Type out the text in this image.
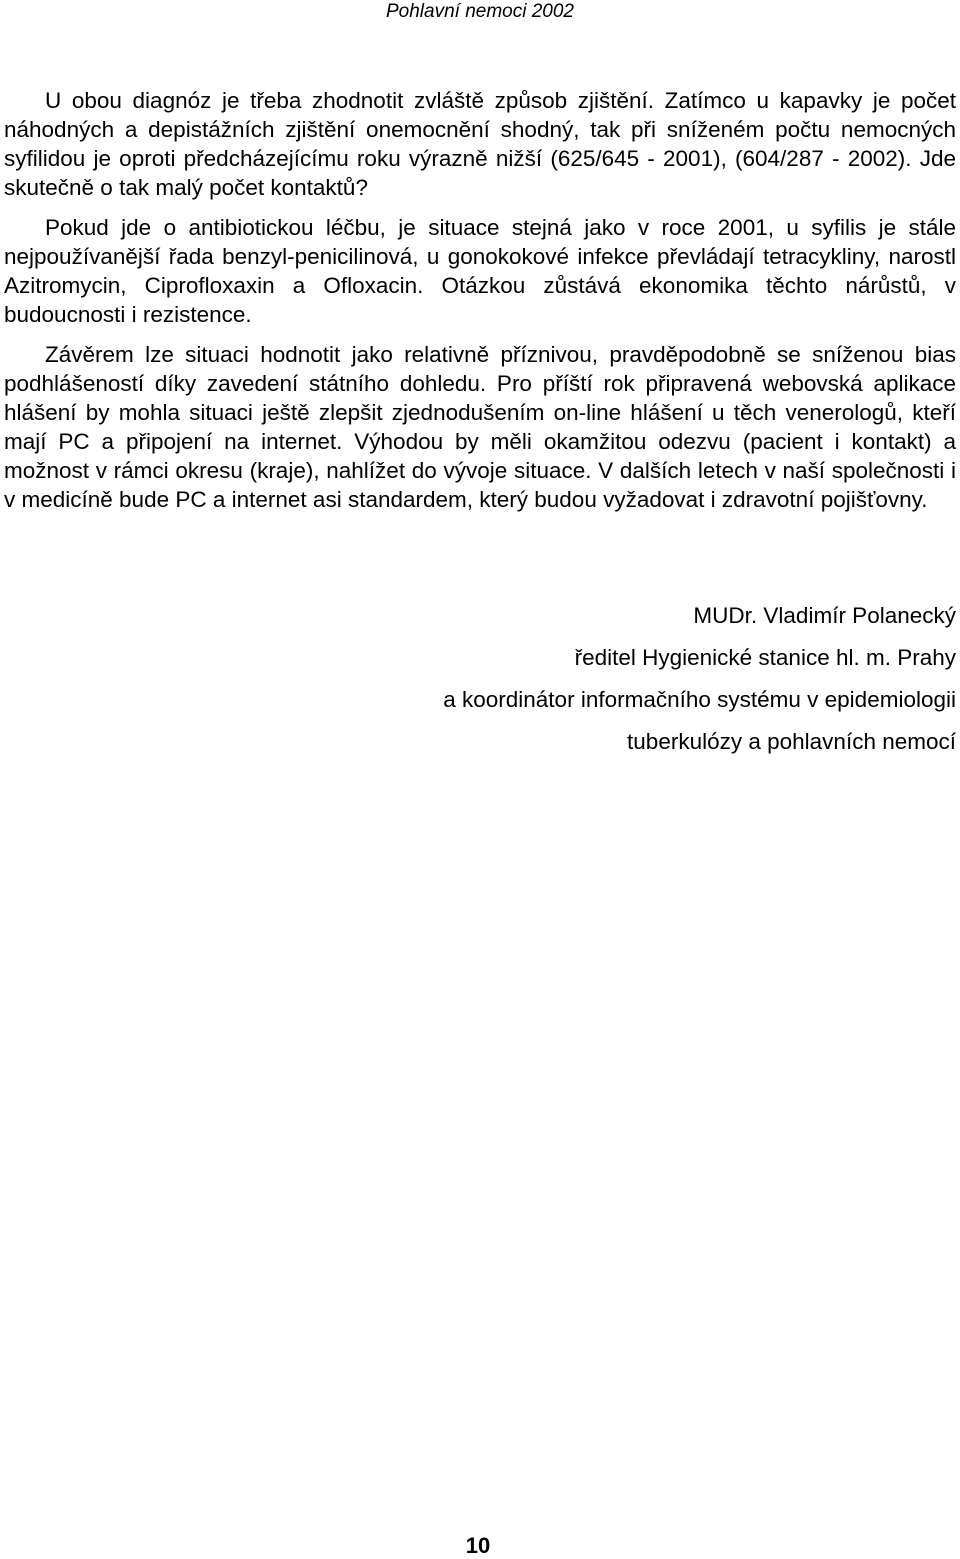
Pohlavní nemoci 2002

U obou diagnóz je třeba zhodnotit zvláště způsob zjištění. Zatímco u kapavky je počet náhodných a depistážních zjištění onemocnění shodný, tak při sníženém počtu nemocných syfilidou je oproti předcházejícímu roku výrazně nižší (625/645 - 2001), (604/287 - 2002). Jde skutečně o tak malý počet kontaktů?

Pokud jde o antibiotickou léčbu, je situace stejná jako v roce 2001, u syfilis je stále nejpoužívanější řada benzyl-penicilinová, u gonokokové infekce převládají tetracykliny, narostl Azitromycin, Ciprofloxaxin a Ofloxacin. Otázkou zůstává ekonomika těchto nárůstů, v budoucnosti i rezistence.

Závěrem lze situaci hodnotit jako relativně příznivou, pravděpodobně se sníženou bias podhlášeností díky zavedení státního dohledu. Pro příští rok připravená webovská aplikace hlášení by mohla situaci ještě zlepšit zjednodušením on-line hlášení u těch venerologů, kteří mají PC a připojení na internet. Výhodou by měli okamžitou odezvu (pacient i kontakt) a možnost v rámci okresu (kraje), nahlížet do vývoje situace. V dalších letech v naší společnosti i v medicíně bude PC a internet asi standardem, který budou vyžadovat i zdravotní pojišťovny.

MUDr. Vladimír Polanecký
ředitel Hygienické stanice hl. m. Prahy
a koordinátor informačního systému v epidemiologii
tuberkulózy a pohlavních nemocí
10
